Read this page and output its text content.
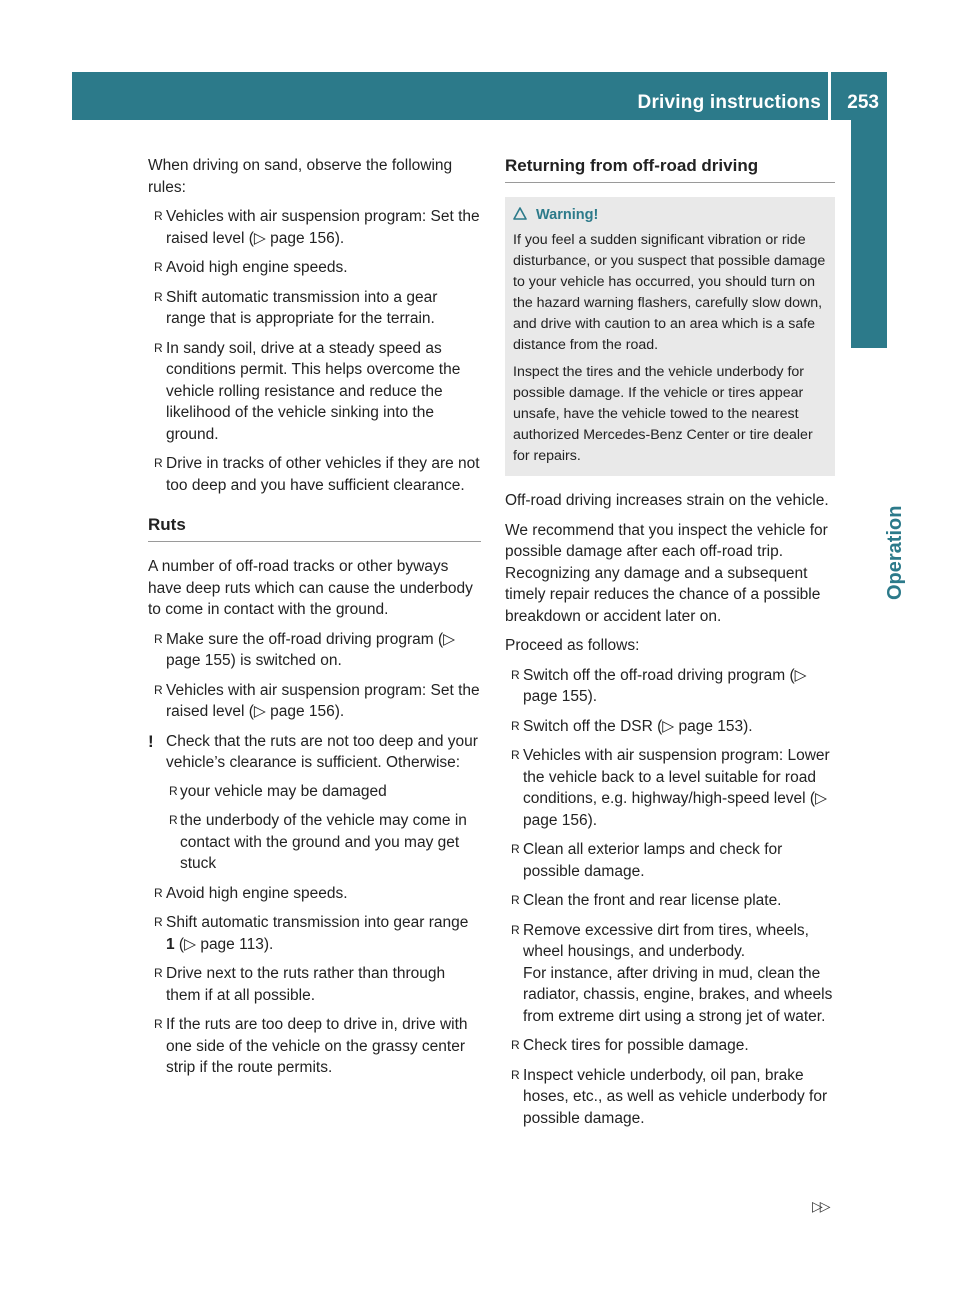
Driving instructions 253
Operation

When driving on sand, observe the following rules:

R Vehicles with air suspension program: Set the raised level (▷ page 156).
R Avoid high engine speeds.
R Shift automatic transmission into a gear range that is appropriate for the terrain.
R In sandy soil, drive at a steady speed as conditions permit. This helps overcome the vehicle rolling resistance and reduce the likelihood of the vehicle sinking into the ground.
R Drive in tracks of other vehicles if they are not too deep and you have sufficient clearance.
Ruts

A number of off-road tracks or other byways have deep ruts which can cause the underbody to come in contact with the ground.

R Make sure the off-road driving program (▷ page 155) is switched on.
R Vehicles with air suspension program: Set the raised level (▷ page 156).
! Check that the ruts are not too deep and your vehicle’s clearance is sufficient. Otherwise:
R your vehicle may be damaged
R the underbody of the vehicle may come in contact with the ground and you may get stuck
R Avoid high engine speeds.
R Shift automatic transmission into gear range 1 (▷ page 113).
R Drive next to the ruts rather than through them if at all possible.
R If the ruts are too deep to drive in, drive with one side of the vehicle on the grassy center strip if the route permits.
Returning from off-road driving
Warning!

If you feel a sudden significant vibration or ride disturbance, or you suspect that possible damage to your vehicle has occurred, you should turn on the hazard warning flashers, carefully slow down, and drive with caution to an area which is a safe distance from the road.

Inspect the tires and the vehicle underbody for possible damage. If the vehicle or tires appear unsafe, have the vehicle towed to the nearest authorized Mercedes-Benz Center or tire dealer for repairs.

Off-road driving increases strain on the vehicle.

We recommend that you inspect the vehicle for possible damage after each off-road trip. Recognizing any damage and a subsequent timely repair reduces the chance of a possible breakdown or accident later on.

Proceed as follows:

R Switch off the off-road driving program (▷ page 155).
R Switch off the DSR (▷ page 153).
R Vehicles with air suspension program: Lower the vehicle back to a level suitable for road conditions, e.g. highway/high-speed level (▷ page 156).
R Clean all exterior lamps and check for possible damage.
R Clean the front and rear license plate.
R Remove excessive dirt from tires, wheels, wheel housings, and underbody.
For instance, after driving in mud, clean the radiator, chassis, engine, brakes, and wheels from extreme dirt using a strong jet of water.
R Check tires for possible damage.
R Inspect vehicle underbody, oil pan, brake hoses, etc., as well as vehicle underbody for possible damage.
▷▷
